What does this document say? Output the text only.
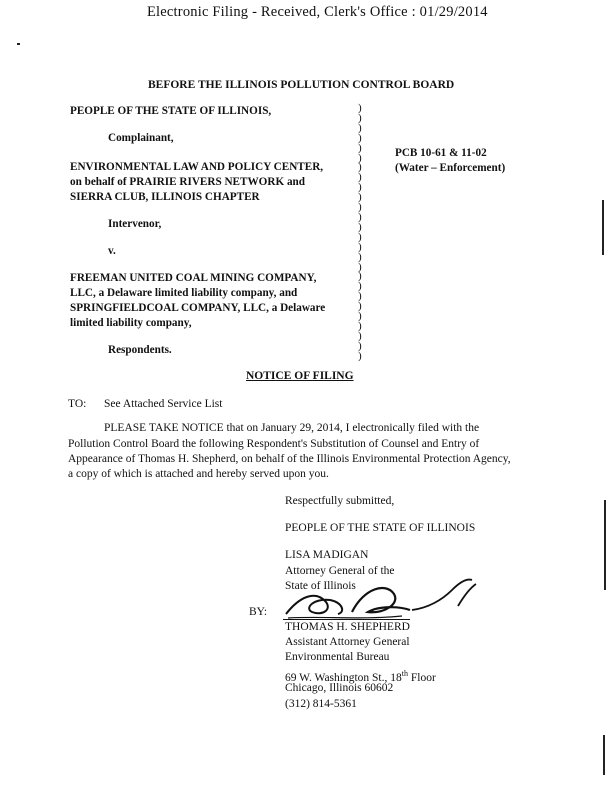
Electronic Filing - Received, Clerk's Office : 01/29/2014
BEFORE THE ILLINOIS POLLUTION CONTROL BOARD
PEOPLE OF THE STATE OF ILLINOIS,
Complainant,
ENVIRONMENTAL LAW AND POLICY CENTER,
on behalf of PRAIRIE RIVERS NETWORK and
SIERRA CLUB, ILLINOIS CHAPTER
Intervenor,
v.
FREEMAN UNITED COAL MINING COMPANY,
LLC, a Delaware limited liability company, and
SPRINGFIELDCOAL COMPANY, LLC, a Delaware
limited liability company,
Respondents.
)
)
)
)
)
)
)
)
)
)
)
)
)
)
)
)
)
)
)
)
)
)
)
)
)
)
PCB 10-61 & 11-02
(Water – Enforcement)
NOTICE OF FILING
TO: See Attached Service List
PLEASE TAKE NOTICE that on January 29, 2014, I electronically filed with the
Pollution Control Board the following Respondent's Substitution of Counsel and Entry of
Appearance of Thomas H. Shepherd, on behalf of the Illinois Environmental Protection Agency,
a copy of which is attached and hereby served upon you.
Respectfully submitted,
PEOPLE OF THE STATE OF ILLINOIS
LISA MADIGAN
Attorney General of the
State of Illinois
BY:
THOMAS H. SHEPHERD
Assistant Attorney General
Environmental Bureau
69 W. Washington St., 18th Floor
Chicago, Illinois 60602
(312) 814-5361
